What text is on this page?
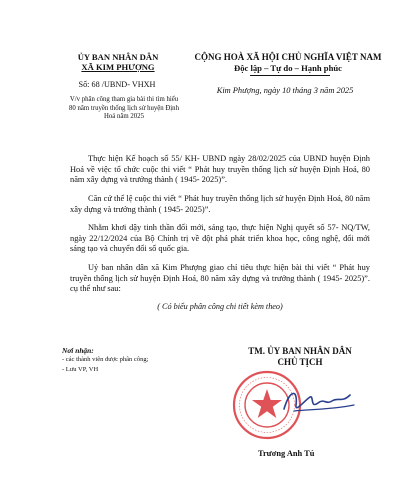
ỦY BAN NHÂN DÂN
XÃ KIM PHƯỢNG
Số: 68 /UBND- VHXH
V/v phân công tham gia bài thi tìm hiểu
80 năm truyền thống lịch sử huyện Định
Hoá năm 2025
CỘNG HOÀ XÃ HỘI CHỦ NGHĨA VIỆT NAM
Độc lập – Tự do – Hạnh phúc
Kim Phượng, ngày 10 tháng 3 năm 2025
Thực hiện Kế hoạch số 55/ KH- UBND ngày 28/02/2025 của UBND huyện Định Hoá về việc tổ chức cuộc thi viết “ Phát huy truyền thống lịch sử huyện Định Hoá, 80 năm xây dựng và trưởng thành ( 1945- 2025)”.
Căn cứ thể lệ cuộc thi viết “ Phát huy truyền thống lịch sử huyện Định Hoá, 80 năm xây dựng và trưởng thành ( 1945- 2025)”.
Nhằm khơi dậy tinh thần đổi mới, sáng tạo, thực hiện Nghị quyết số 57- NQ/TW, ngày 22/12/2024 của Bộ Chính trị về đột phá phát triển khoa học, công nghệ, đổi mới sáng tạo và chuyển đổi số quốc gia.
Uỷ ban nhân dân xã Kim Phượng giao chỉ tiêu thực hiện bài thi viết “ Phát huy truyền thống lịch sử huyện Định Hoá, 80 năm xây dựng và trưởng thành ( 1945- 2025)”. cụ thể như sau:
( Có biểu phân công chi tiết kèm theo)
Nơi nhận:
- các thành viên được phân công;
- Lưu VP, VH
TM. ỦY BAN NHÂN DÂN
CHỦ TỊCH
Trương Anh Tú
